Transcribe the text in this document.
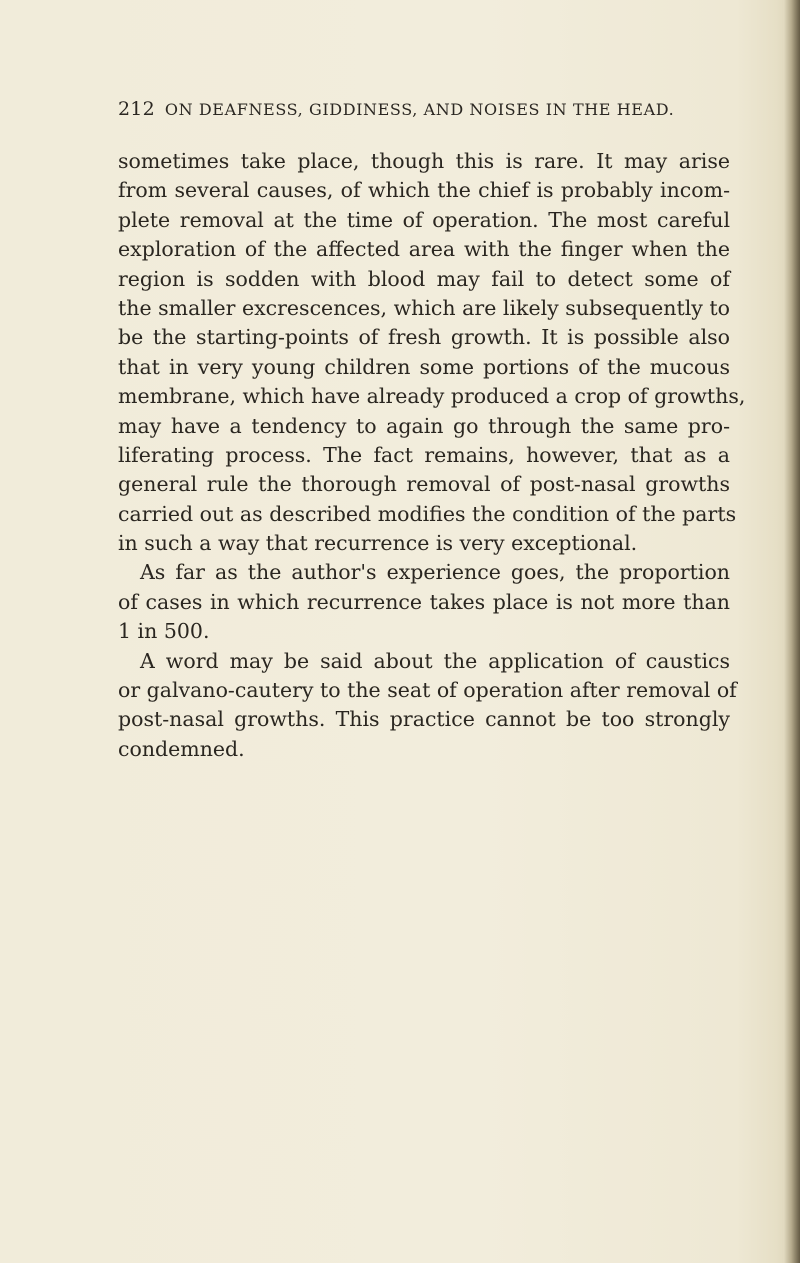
212 ON DEAFNESS, GIDDINESS, AND NOISES IN THE HEAD.
sometimes take place, though this is rare. It may arise
from several causes, of which the chief is probably incom-
plete removal at the time of operation. The most careful
exploration of the affected area with the finger when the
region is sodden with blood may fail to detect some of
the smaller excrescences, which are likely subsequently to
be the starting-points of fresh growth. It is possible also
that in very young children some portions of the mucous
membrane, which have already produced a crop of growths,
may have a tendency to again go through the same pro-
liferating process. The fact remains, however, that as a
general rule the thorough removal of post-nasal growths
carried out as described modifies the condition of the parts
in such a way that recurrence is very exceptional.
As far as the author's experience goes, the proportion
of cases in which recurrence takes place is not more than
1 in 500.
A word may be said about the application of caustics
or galvano-cautery to the seat of operation after removal of
post-nasal growths. This practice cannot be too strongly
condemned.
